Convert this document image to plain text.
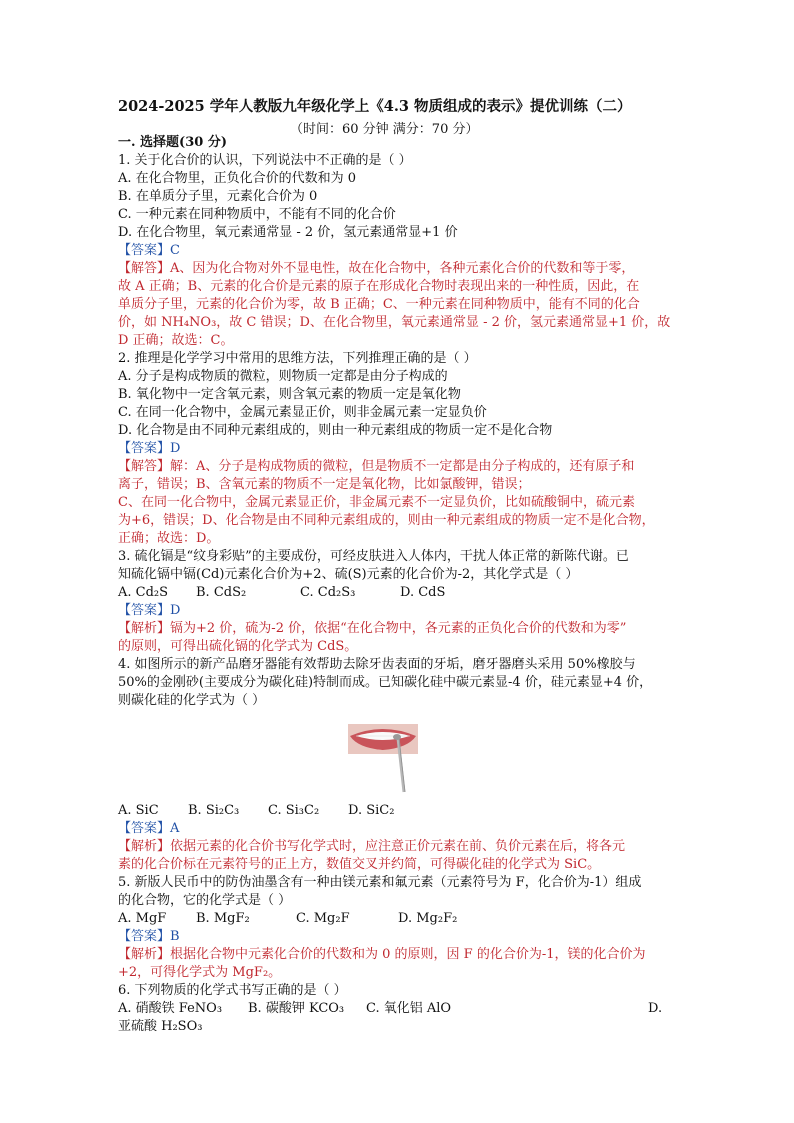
2024-2025 学年人教版九年级化学上《4.3 物质组成的表示》提优训练（二）
（时间：60 分钟 满分：70 分）
一. 选择题(30 分)
1. 关于化合价的认识，下列说法中不正确的是（ ）
A. 在化合物里，正负化合价的代数和为 0
B. 在单质分子里，元素化合价为 0
C. 一种元素在同种物质中，不能有不同的化合价
D. 在化合物里，氧元素通常显 - 2 价，氢元素通常显+1 价
【答案】C
【解答】A、因为化合物对外不显电性，故在化合物中，各种元素化合价的代数和等于零，
故 A 正确；B、元素的化合价是元素的原子在形成化合物时表现出来的一种性质，因此，在
单质分子里，元素的化合价为零，故 B 正确；C、一种元素在同种物质中，能有不同的化合
价，如 NH₄NO₃，故 C 错误；D、在化合物里，氧元素通常显 - 2 价，氢元素通常显+1 价，故
D 正确；故选：C。
2. 推理是化学学习中常用的思维方法，下列推理正确的是（ ）
A. 分子是构成物质的微粒，则物质一定都是由分子构成的
B. 氧化物中一定含氧元素，则含氧元素的物质一定是氧化物
C. 在同一化合物中，金属元素显正价，则非金属元素一定显负价
D. 化合物是由不同种元素组成的，则由一种元素组成的物质一定不是化合物
【答案】D
【解答】解：A、分子是构成物质的微粒，但是物质不一定都是由分子构成的，还有原子和
离子，错误；B、含氧元素的物质不一定是氧化物，比如氯酸钾，错误；
C、在同一化合物中，金属元素显正价，非金属元素不一定显负价，比如硫酸铜中，硫元素
为+6，错误；D、化合物是由不同种元素组成的，则由一种元素组成的物质一定不是化合物，
正确；故选：D。
3. 硫化镉是“纹身彩贴”的主要成份，可经皮肤进入人体内，干扰人体正常的新陈代谢。已
知硫化镉中镉(Cd)元素化合价为+2、硫(S)元素的化合价为-2，其化学式是（ ）
A. Cd₂S	B. CdS₂	C. Cd₂S₃	D. CdS
【答案】D
【解析】镉为+2 价，硫为-2 价，依据“在化合物中，各元素的正负化合价的代数和为零”
的原则，可得出硫化镉的化学式为 CdS。
4. 如图所示的新产品磨牙器能有效帮助去除牙齿表面的牙垢，磨牙器磨头采用 50%橡胶与
50%的金刚砂(主要成分为碳化硅)特制而成。已知碳化硅中碳元素显-4 价，硅元素显+4 价，
则碳化硅的化学式为（ ）
A. SiC	B. Si₂C₃	C. Si₃C₂	D. SiC₂
【答案】A
【解析】依据元素的化合价书写化学式时，应注意正价元素在前、负价元素在后，将各元
素的化合价标在元素符号的正上方，数值交叉并约简，可得碳化硅的化学式为 SiC。
5. 新版人民币中的防伪油墨含有一种由镁元素和氟元素（元素符号为 F，化合价为-1）组成
的化合物，它的化学式是（ ）
A. MgF	B. MgF₂	C. Mg₂F	D. Mg₂F₂
【答案】B
【解析】根据化合物中元素化合价的代数和为 0 的原则，因 F 的化合价为-1，镁的化合价为
+2，可得化学式为 MgF₂。
6. 下列物质的化学式书写正确的是（ ）
A. 硝酸铁 FeNO₃	B. 碳酸钾 KCO₃	C. 氧化铝 AlO	D.
亚硫酸 H₂SO₃
